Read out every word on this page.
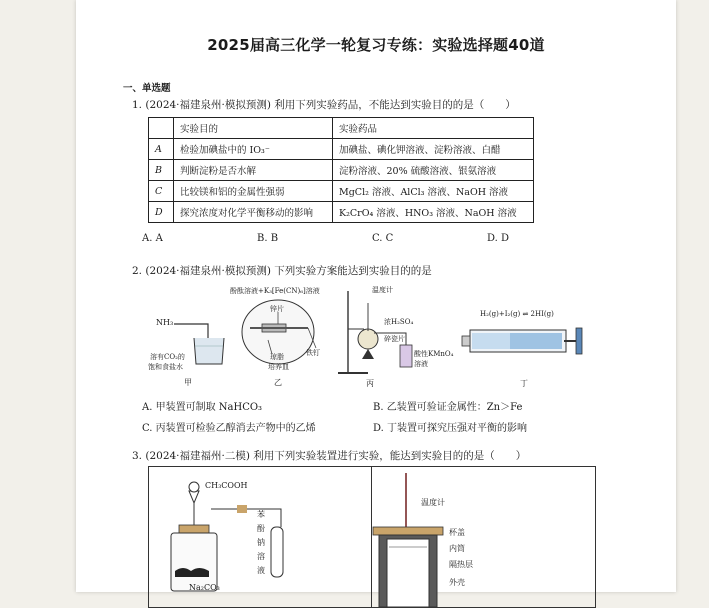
2025届高三化学一轮复习专练：实验选择题40道
一、单选题
1. (2024·福建泉州·模拟预测) 利用下列实验药品，不能达到实验目的的是（　　）
	实验目的	实验药品
A	检验加碘盐中的 IO₃⁻	加碘盐、碘化钾溶液、淀粉溶液、白醋
B	判断淀粉是否水解	淀粉溶液、20% 硫酸溶液、银氨溶液
C	比较镁和铝的金属性强弱	MgCl₂ 溶液、AlCl₃ 溶液、NaOH 溶液
D	探究浓度对化学平衡移动的影响	K₂CrO₄ 溶液、HNO₃ 溶液、NaOH 溶液
A. A	B. B	C. C	D. D
2. (2024·福建泉州·模拟预测) 下列实验方案能达到实验目的的是
NH₃
溶有CO₂的
饱和食盐水
甲
酚酞溶液+K₃[Fe(CN)₆]溶液
锌片
铁钉
琼脂
培养皿
乙
温度计
浓H₂SO₄
碎瓷片
酸性KMnO₄
溶液
丙
H₂(g)+I₂(g) ⇌ 2HI(g)
丁
A. 甲装置可制取 NaHCO₃	B. 乙装置可验证金属性：Zn＞Fe
C. 丙装置可检验乙醇消去产物中的乙烯	D. 丁装置可探究压强对平衡的影响
3. (2024·福建福州·二模) 利用下列实验装置进行实验，能达到实验目的的是（　　）
CH₃COOH
苯
酚
钠
溶
液
Na₂CO₃
温度计
杯盖
内筒
隔热层
外壳
